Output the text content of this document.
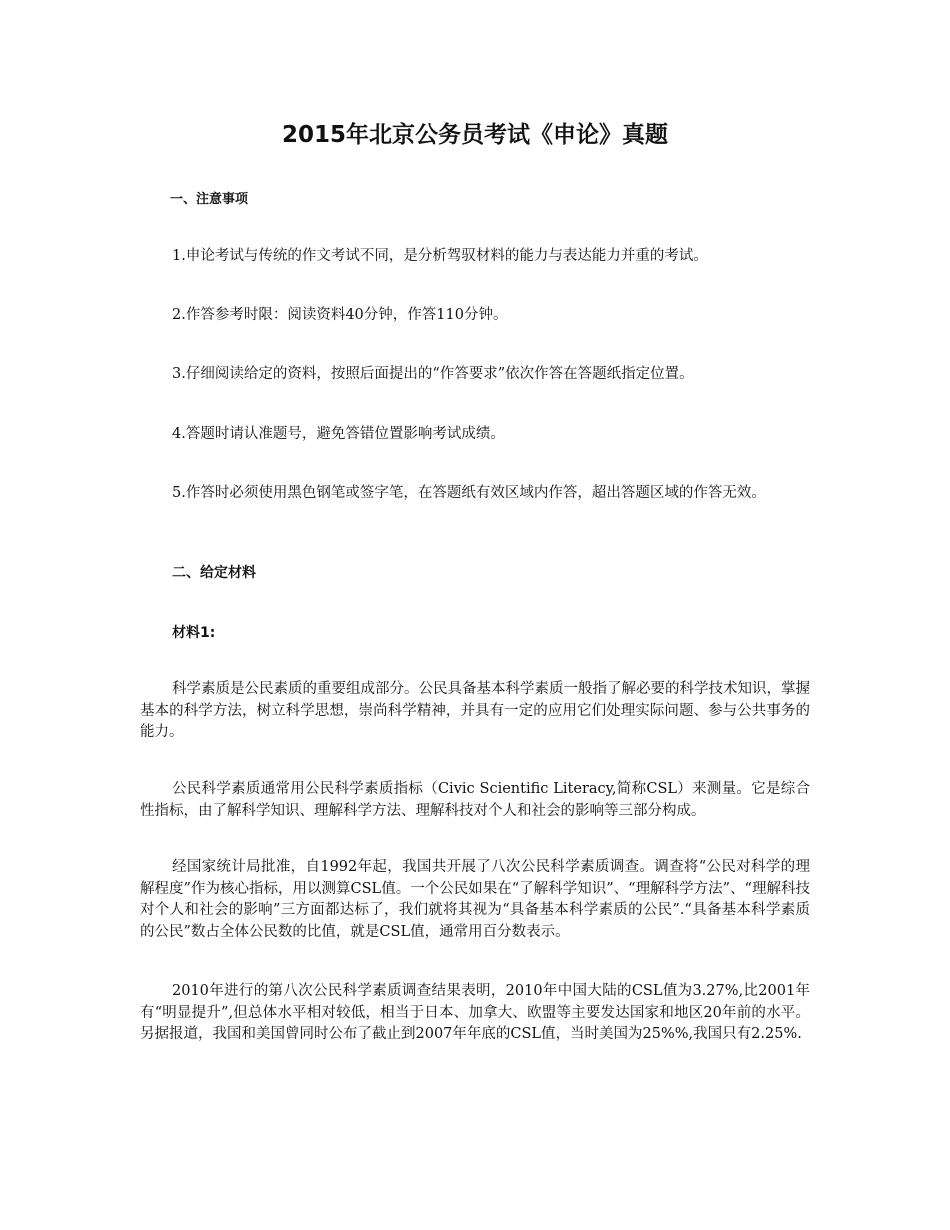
2015年北京公务员考试《申论》真题
一、注意事项

1.申论考试与传统的作文考试不同，是分析驾驭材料的能力与表达能力并重的考试。

2.作答参考时限：阅读资料40分钟，作答110分钟。

3.仔细阅读给定的资料，按照后面提出的“作答要求”依次作答在答题纸指定位置。

4.答题时请认准题号，避免答错位置影响考试成绩。

5.作答时必须使用黑色钢笔或签字笔，在答题纸有效区域内作答，超出答题区域的作答无效。

二、给定材料
材料1:

科学素质是公民素质的重要组成部分。公民具备基本科学素质一般指了解必要的科学技术知识，掌握基本的科学方法，树立科学思想，崇尚科学精神，并具有一定的应用它们处理实际问题、参与公共事务的能力。

公民科学素质通常用公民科学素质指标（Civic Scientific Literacy,简称CSL）来测量。它是综合性指标，由了解科学知识、理解科学方法、理解科技对个人和社会的影响等三部分构成。

经国家统计局批准，自1992年起，我国共开展了八次公民科学素质调查。调查将“公民对科学的理解程度”作为核心指标，用以测算CSL值。一个公民如果在“了解科学知识”、“理解科学方法”、“理解科技对个人和社会的影响”三方面都达标了，我们就将其视为“具备基本科学素质的公民”.“具备基本科学素质的公民”数占全体公民数的比值，就是CSL值，通常用百分数表示。

2010年进行的第八次公民科学素质调查结果表明，2010年中国大陆的CSL值为3.27%,比2001年有“明显提升”,但总体水平相对较低，相当于日本、加拿大、欧盟等主要发达国家和地区20年前的水平。另据报道，我国和美国曾同时公布了截止到2007年年底的CSL值，当时美国为25%%,我国只有2.25%.
